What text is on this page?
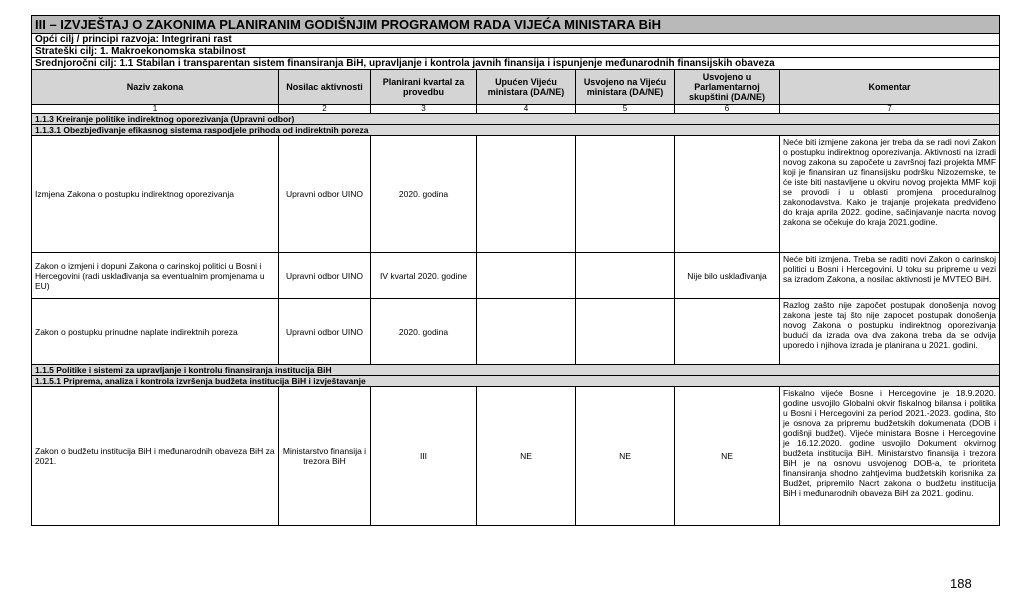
III – IZVJEŠTAJ O ZAKONIMA PLANIRANIM GODIŠNJIM PROGRAMOM RADA VIJEĆA MINISTARA BiH						
Opći cilj / principi razvoja: Integrirani rast						
Strateški cilj: 1. Makroekonomska stabilnost						
Srednjoročni cilj: 1.1 Stabilan i transparentan sistem finansiranja BiH, upravljanje i kontrola javnih finansija i ispunjenje međunarodnih finansijskih obaveza						
Naziv zakona	Nosilac aktivnosti	Planirani kvartal za provedbu	Upućen Vijeću ministara (DA/NE)	Usvojeno na Vijeću ministara (DA/NE)	Usvojeno u Parlamentarnoj skupštini (DA/NE)	Komentar
1	2	3	4	5	6	7
1.1.3 Kreiranje politike indirektnog oporezivanja (Upravni odbor)						
1.1.3.1 Obezbjeđivanje efikasnog sistema raspodjele prihoda od indirektnih poreza						
Izmjena Zakona o postupku indirektnog oporezivanja	Upravni odbor UINO	2020. godina				Neće biti izmjene zakona jer treba da se radi novi Zakon o postupku indirektnog oporezivanja. Aktivnosti na izradi novog zakona su započete u završnoj fazi projekta MMF koji je finansiran uz finansijsku podršku Nizozemske, te će iste biti nastavljene u okviru novog projekta MMF koji se provodi i u oblasti promjena proceduralnog zakonodavstva. Kako je trajanje projekata predviđeno do kraja aprila 2022. godine, sačinjavanje nacrta novog zakona se očekuje do kraja 2021.godine.
Zakon o izmjeni i dopuni Zakona o carinskoj politici u Bosni i Hercegovini (radi usklađivanja sa eventualnim promjenama u EU)	Upravni odbor UINO	IV kvartal 2020. godine			Nije bilo usklađivanja	Neće biti izmjena. Treba se raditi novi Zakon o carinskoj politici u Bosni i Hercegovini. U toku su pripreme u vezi sa izradom Zakona, a nosilac aktivnosti je MVTEO BiH.
Zakon o postupku prinudne naplate indirektnih poreza	Upravni odbor UINO	2020. godina				Razlog zašto nije započet postupak donošenja novog zakona jeste taj što nije zapocet postupak donošenja novog Zakona o postupku indirektnog oporezivanja budući da izrada ova dva zakona treba da se odvija uporedo i njihova izrada je planirana u 2021. godini.
1.1.5 Politike i sistemi za upravljanje i kontrolu finansiranja institucija BiH						
1.1.5.1 Priprema, analiza i kontrola izvršenja budžeta institucija BiH i izvještavanje						
Zakon o budžetu institucija BiH i međunarodnih obaveza BiH za 2021.	Ministarstvo finansija i trezora BiH	III	NE	NE	NE	Fiskalno vijeće Bosne i Hercegovine je 18.9.2020. godine usvojilo Globalni okvir fiskalnog bilansa i politika u Bosni i Hercegovini za period 2021.-2023. godina, što je osnova za pripremu budžetskih dokumenata (DOB i godišnji budžet). Vijeće ministara Bosne i Hercegovine je 16.12.2020. godine usvojilo Dokument okvirnog budžeta institucija BiH. Ministarstvo finansija i trezora BiH je na osnovu usvojenog DOB-a, te prioriteta finansiranja shodno zahtjevima budžetskih korisnika za Budžet, pripremilo Nacrt zakona o budžetu institucija BiH i međunarodnih obaveza BiH za 2021. godinu.
188
